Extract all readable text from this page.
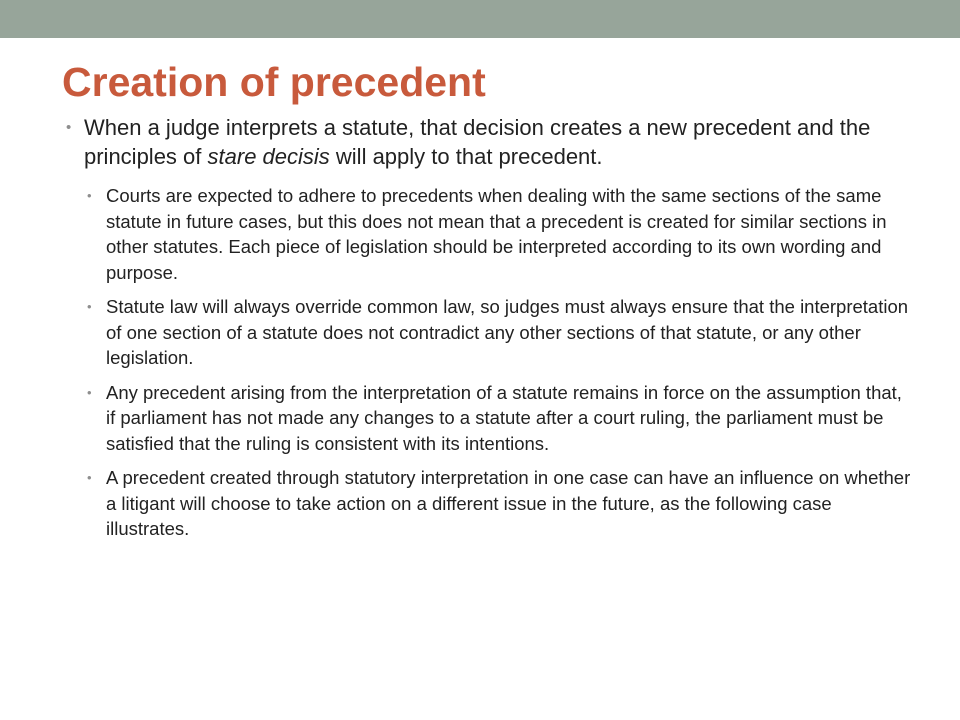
Creation of precedent

• When a judge interprets a statute, that decision creates a new precedent and the principles of stare decisis will apply to that precedent.

• Courts are expected to adhere to precedents when dealing with the same sections of the same statute in future cases, but this does not mean that a precedent is created for similar sections in other statutes. Each piece of legislation should be interpreted according to its own wording and purpose.

• Statute law will always override common law, so judges must always ensure that the interpretation of one section of a statute does not contradict any other sections of that statute, or any other legislation.

• Any precedent arising from the interpretation of a statute remains in force on the assumption that, if parliament has not made any changes to a statute after a court ruling, the parliament must be satisfied that the ruling is consistent with its intentions.

• A precedent created through statutory interpretation in one case can have an influence on whether a litigant will choose to take action on a different issue in the future, as the following case illustrates.
